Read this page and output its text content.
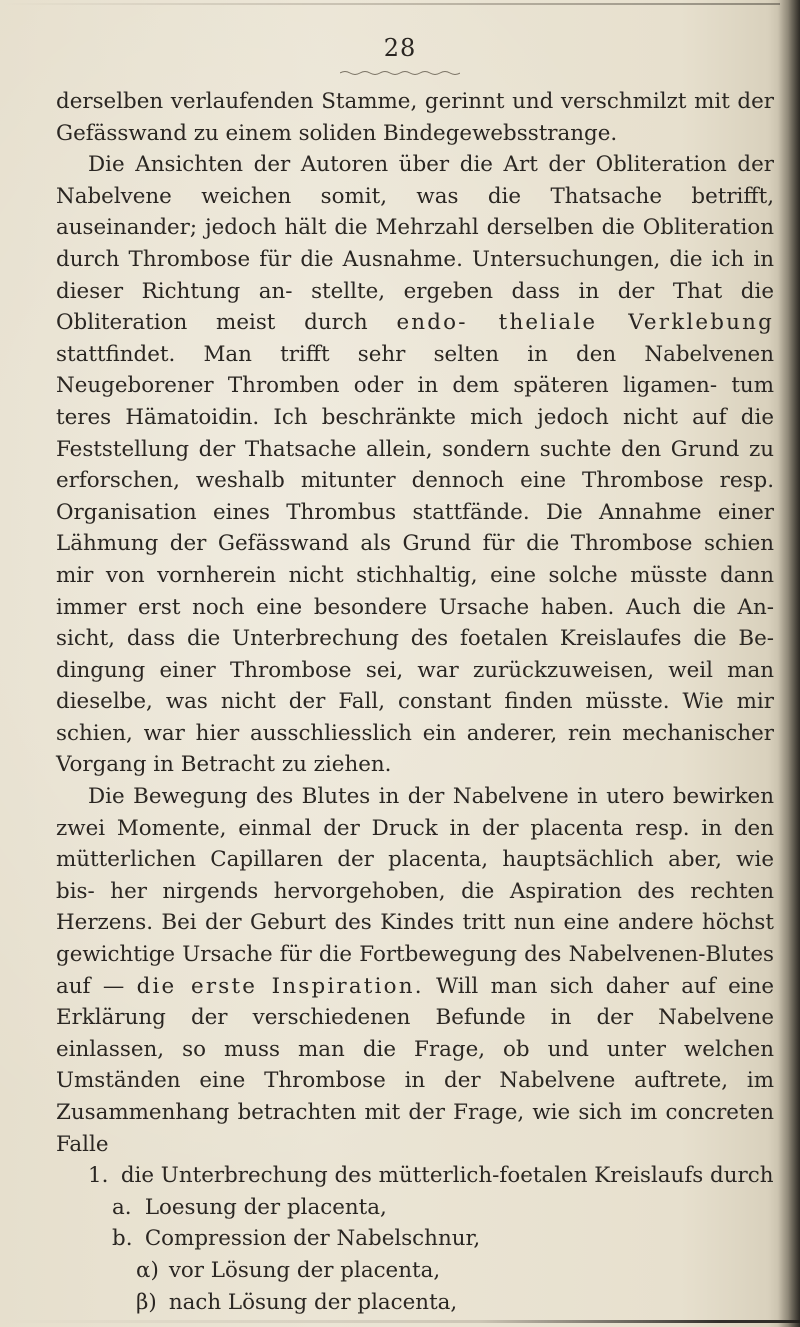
28

derselben verlaufenden Stamme, gerinnt und verschmilzt mit der Gefässwand zu einem soliden Bindegewebsstrange.

Die Ansichten der Autoren über die Art der Obliteration der Nabelvene weichen somit, was die Thatsache betrifft, auseinander; jedoch hält die Mehrzahl derselben die Obliteration durch Thrombose für die Ausnahme. Untersuchungen, die ich in dieser Richtung an- stellte, ergeben dass in der That die Obliteration meist durch endo- theliale Verklebung stattfindet. Man trifft sehr selten in den Nabelvenen Neugeborener Thromben oder in dem späteren ligamen- tum teres Hämatoidin. Ich beschränkte mich jedoch nicht auf die Feststellung der Thatsache allein, sondern suchte den Grund zu erforschen, weshalb mitunter dennoch eine Thrombose resp. Organisation eines Thrombus stattfände. Die Annahme einer Lähmung der Gefässwand als Grund für die Thrombose schien mir von vornherein nicht stichhaltig, eine solche müsste dann immer erst noch eine besondere Ursache haben. Auch die An- sicht, dass die Unterbrechung des foetalen Kreislaufes die Be- dingung einer Thrombose sei, war zurückzuweisen, weil man dieselbe, was nicht der Fall, constant finden müsste. Wie mir schien, war hier ausschliesslich ein anderer, rein mechanischer Vorgang in Betracht zu ziehen.

Die Bewegung des Blutes in der Nabelvene in utero bewirken zwei Momente, einmal der Druck in der placenta resp. in den mütterlichen Capillaren der placenta, hauptsächlich aber, wie bis- her nirgends hervorgehoben, die Aspiration des rechten Herzens. Bei der Geburt des Kindes tritt nun eine andere höchst gewichtige Ursache für die Fortbewegung des Nabelvenen-Blutes auf — die erste Inspiration. Will man sich daher auf eine Erklärung der verschiedenen Befunde in der Nabelvene einlassen, so muss man die Frage, ob und unter welchen Umständen eine Thrombose in der Nabelvene auftrete, im Zusammenhang betrachten mit der Frage, wie sich im concreten Falle

1. die Unterbrechung des mütterlich-foetalen Kreislaufs durch
a. Loesung der placenta,
b. Compression der Nabelschnur,
α) vor Lösung der placenta,
β) nach Lösung der placenta,
